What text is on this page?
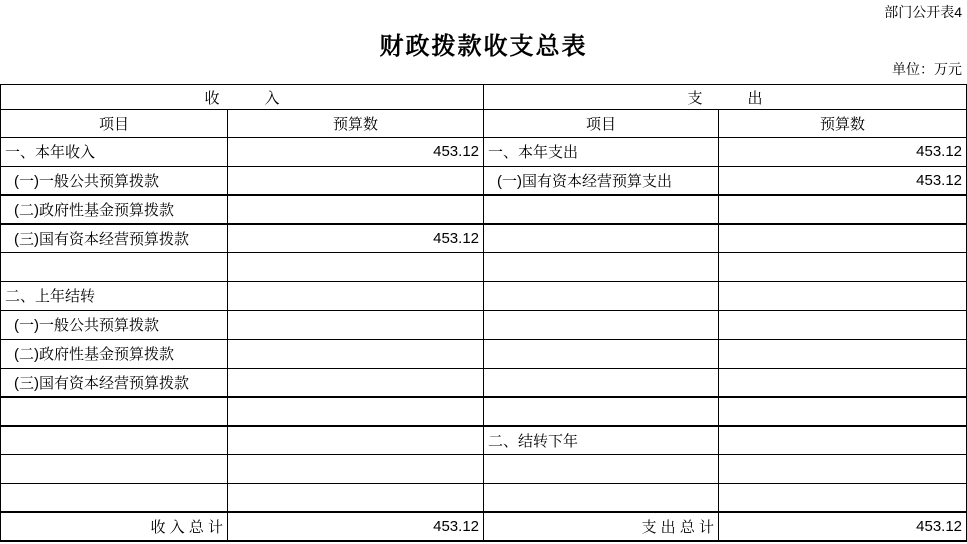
部门公开表4
财政拨款收支总表
单位：万元
收　　　入		支　　　出	
项目	预算数	项目	预算数
一、本年收入	453.12	一、本年支出	453.12
(一)一般公共预算拨款		(一)国有资本经营预算支出	453.12
(二)政府性基金预算拨款			
(三)国有资本经营预算拨款	453.12		

二、上年结转			
(一)一般公共预算拨款			
(二)政府性基金预算拨款			
(三)国有资本经营预算拨款			

		二、结转下年	

收 入 总 计	453.12	支 出 总 计	453.12
